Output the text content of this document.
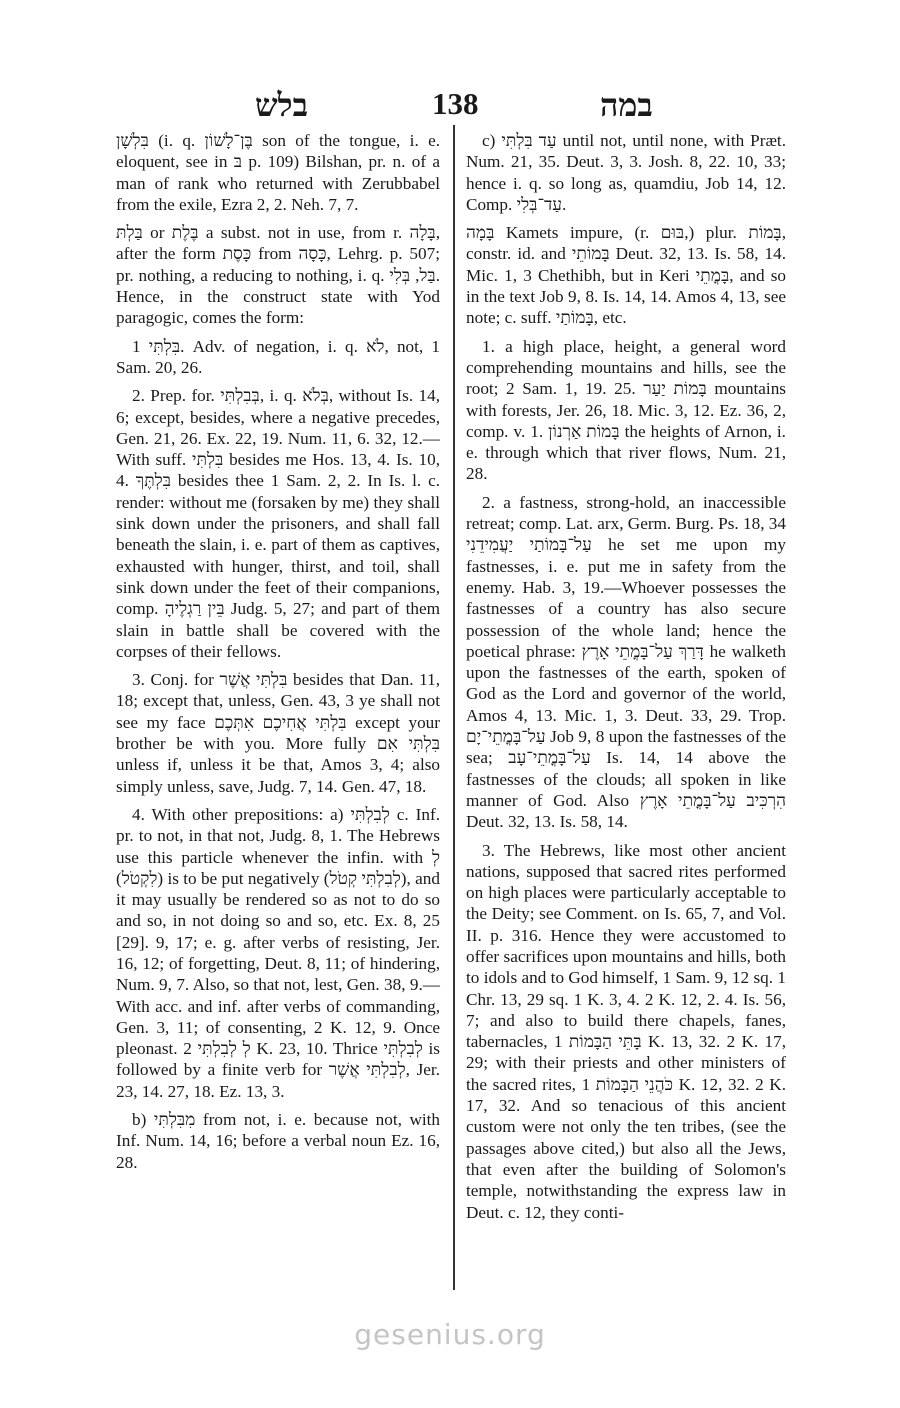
בלש	138	במה

בִּלְשָׁן (i. q. בֶּן־לָשׁוֹן son of the tongue, i. e. eloquent, see in בּ p. 109) Bilshan, pr. n. of a man of rank who returned with Zerubbabel from the exile, Ezra 2, 2. Neh. 7, 7.

בַּלְתּ or בֶּלֶת a subst. not in use, from r. בָּלָה, after the form כָּסֶת from כָּסָה, Lehrg. p. 507; pr. nothing, a reducing to nothing, i. q. בַּל, בְּלִי. Hence, in the construct state with Yod paragogic, comes the form:

בִּלְתִּי 1. Adv. of negation, i. q. לֹא, not, 1 Sam. 20, 26.

2. Prep. for. בְּבִלְתִּי, i. q. בְּלֹא, without Is. 14, 6; except, besides, where a negative precedes, Gen. 21, 26. Ex. 22, 19. Num. 11, 6. 32, 12.—With suff. בִּלְתִּי besides me Hos. 13, 4. Is. 10, 4. בִּלְתֶּךָ besides thee 1 Sam. 2, 2. In Is. l. c. render: without me (forsaken by me) they shall sink down under the prisoners, and shall fall beneath the slain, i. e. part of them as captives, exhausted with hunger, thirst, and toil, shall sink down under the feet of their companions, comp. בֵּין רַגְלֶיהָ Judg. 5, 27; and part of them slain in battle shall be covered with the corpses of their fellows.

3. Conj. for בִּלְתִּי אֲשֶׁר besides that Dan. 11, 18; except that, unless, Gen. 43, 3 ye shall not see my face בִּלְתִּי אֲחִיכֶם אִתְּכֶם except your brother be with you. More fully בִּלְתִּי אִם unless if, unless it be that, Amos 3, 4; also simply unless, save, Judg. 7, 14. Gen. 47, 18.

4. With other prepositions: a) לְבִלְתִּי c. Inf. pr. to not, in that not, Judg. 8, 1. The Hebrews use this particle whenever the infin. with לְ (לִקְטֹל) is to be put negatively (לְבִלְתִּי קְטֹל), and it may usually be rendered so as not to do so and so, in not doing so and so, etc. Ex. 8, 25 [29]. 9, 17; e. g. after verbs of resisting, Jer. 16, 12; of forgetting, Deut. 8, 11; of hindering, Num. 9, 7. Also, so that not, lest, Gen. 38, 9.—With acc. and inf. after verbs of commanding, Gen. 3, 11; of consenting, 2 K. 12, 9. Once pleonast. לְ לְבִלְתִּי 2 K. 23, 10. Thrice לְבִלְתִּי is followed by a finite verb for לְבִלְתִּי אֲשֶׁר, Jer. 23, 14. 27, 18. Ez. 13, 3.

b) מִבִּלְתִּי from not, i. e. because not, with Inf. Num. 14, 16; before a verbal noun Ez. 16, 28.

c) עַד בִּלְתִּי until not, until none, with Præt. Num. 21, 35. Deut. 3, 3. Josh. 8, 22. 10, 33; hence i. q. so long as, quamdiu, Job 14, 12. Comp. עַד־בְּלִי.

בָּמָה Kamets impure, (r. בּוּם,) plur. בָּמוֹת, constr. id. and בָּמוֹתֵי Deut. 32, 13. Is. 58, 14. Mic. 1, 3 Chethibh, but in Keri בָּמֳתֵי, and so in the text Job 9, 8. Is. 14, 14. Amos 4, 13, see note; c. suff. בָּמוֹתַי, etc.

1. a high place, height, a general word comprehending mountains and hills, see the root; 2 Sam. 1, 19. 25. בָּמוֹת יַעַר mountains with forests, Jer. 26, 18. Mic. 3, 12. Ez. 36, 2, comp. v. 1. בָּמוֹת אַרְנוֹן the heights of Arnon, i. e. through which that river flows, Num. 21, 28.

2. a fastness, strong-hold, an inaccessible retreat; comp. Lat. arx, Germ. Burg. Ps. 18, 34 עַל־בָּמוֹתַי יַעֲמִידֵנִי he set me upon my fastnesses, i. e. put me in safety from the enemy. Hab. 3, 19.—Whoever possesses the fastnesses of a country has also secure possession of the whole land; hence the poetical phrase: דָּרַךְ עַל־בָּמֳתֵי אָרֶץ he walketh upon the fastnesses of the earth, spoken of God as the Lord and governor of the world, Amos 4, 13. Mic. 1, 3. Deut. 33, 29. Trop. עַל־בָּמֳתֵי־יָם Job 9, 8 upon the fastnesses of the sea; עַל־בָּמֳתֵי־עָב Is. 14, 14 above the fastnesses of the clouds; all spoken in like manner of God. Also הִרְכִּיב עַל־בָּמֳתֵי אָרֶץ Deut. 32, 13. Is. 58, 14.

3. The Hebrews, like most other ancient nations, supposed that sacred rites performed on high places were particularly acceptable to the Deity; see Comment. on Is. 65, 7, and Vol. II. p. 316. Hence they were accustomed to offer sacrifices upon mountains and hills, both to idols and to God himself, 1 Sam. 9, 12 sq. 1 Chr. 13, 29 sq. 1 K. 3, 4. 2 K. 12, 2. 4. Is. 56, 7; and also to build there chapels, fanes, tabernacles, בָּתֵּי הַבָּמוֹת 1 K. 13, 32. 2 K. 17, 29; with their priests and other ministers of the sacred rites, כֹּהֲנֵי הַבָּמוֹת 1 K. 12, 32. 2 K. 17, 32. And so tenacious of this ancient custom were not only the ten tribes, (see the passages above cited,) but also all the Jews, that even after the building of Solomon's temple, notwithstanding the express law in Deut. c. 12, they conti-

gesenius.org
